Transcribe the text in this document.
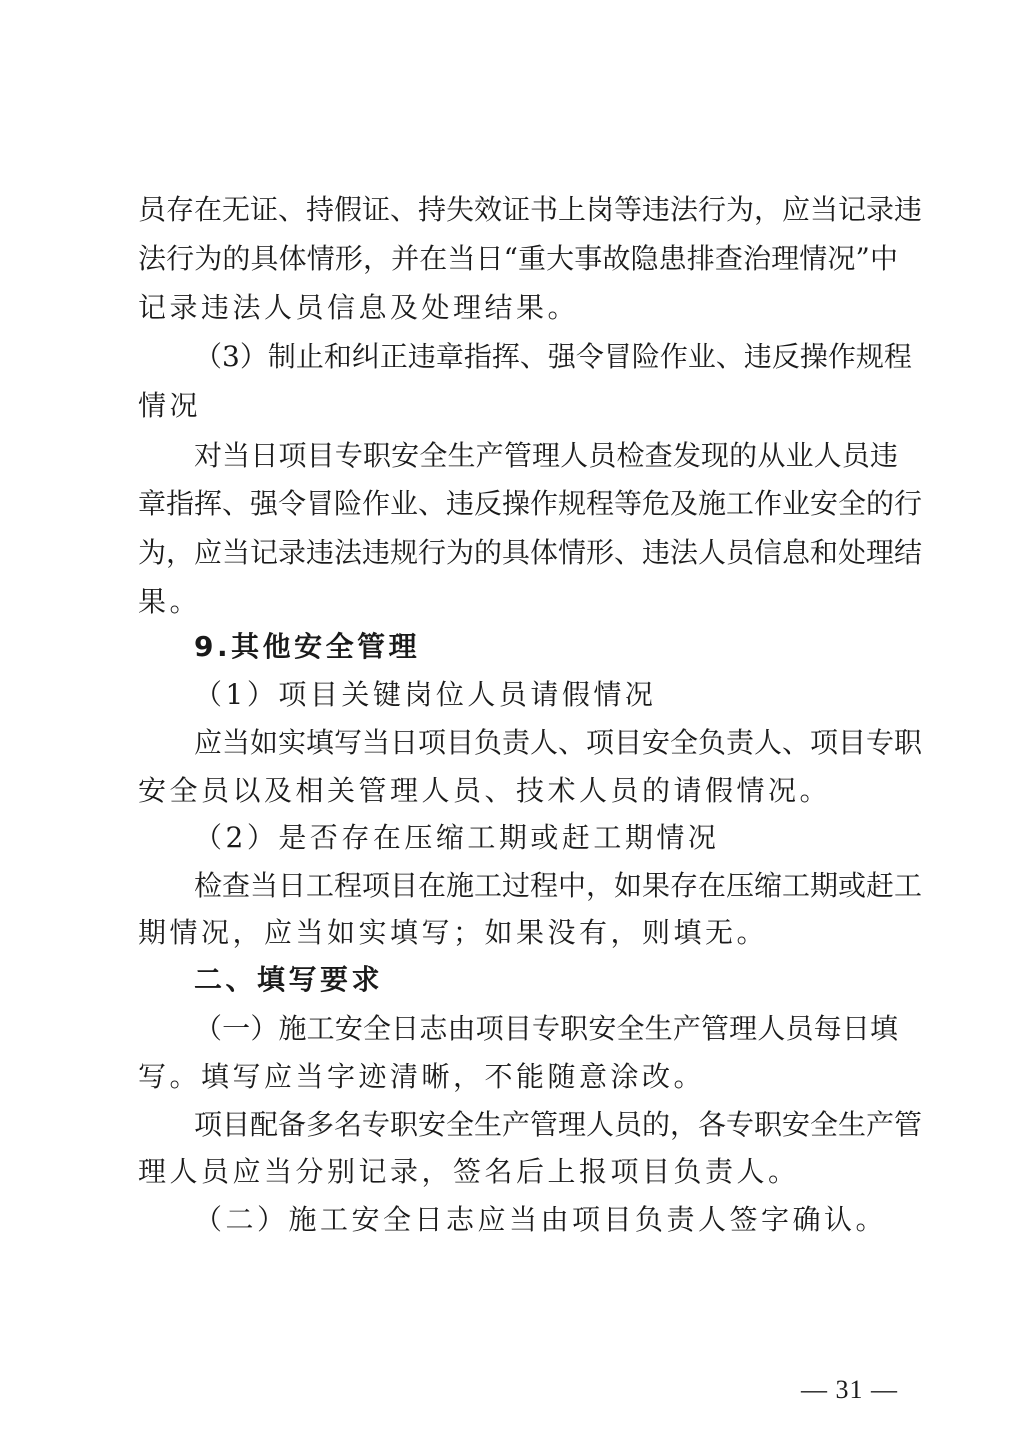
员存在无证、持假证、持失效证书上岗等违法行为，应当记录违
法行为的具体情形，并在当日“重大事故隐患排查治理情况”中
记录违法人员信息及处理结果。
（3）制止和纠正违章指挥、强令冒险作业、违反操作规程
情况
对当日项目专职安全生产管理人员检查发现的从业人员违
章指挥、强令冒险作业、违反操作规程等危及施工作业安全的行
为，应当记录违法违规行为的具体情形、违法人员信息和处理结
果。
9.其他安全管理
（1）项目关键岗位人员请假情况
应当如实填写当日项目负责人、项目安全负责人、项目专职
安全员以及相关管理人员、技术人员的请假情况。
（2）是否存在压缩工期或赶工期情况
检查当日工程项目在施工过程中，如果存在压缩工期或赶工
期情况，应当如实填写；如果没有，则填无。
二、填写要求
（一）施工安全日志由项目专职安全生产管理人员每日填
写。填写应当字迹清晰，不能随意涂改。
项目配备多名专职安全生产管理人员的，各专职安全生产管
理人员应当分别记录，签名后上报项目负责人。
（二）施工安全日志应当由项目负责人签字确认。
— 31 —
